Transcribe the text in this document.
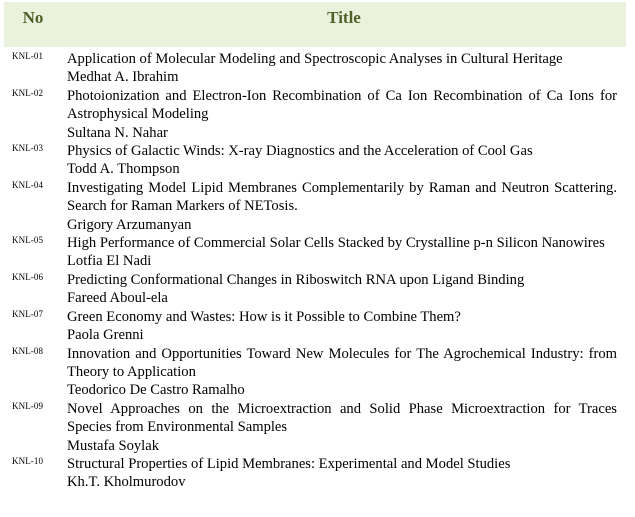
No	Title
KNL-01 Application of Molecular Modeling and Spectroscopic Analyses in Cultural Heritage
Medhat A. Ibrahim
KNL-02 Photoionization and Electron-Ion Recombination of Ca Ion Recombination of Ca Ions for Astrophysical Modeling
Sultana N. Nahar
KNL-03 Physics of Galactic Winds: X-ray Diagnostics and the Acceleration of Cool Gas
Todd A. Thompson
KNL-04 Investigating Model Lipid Membranes Complementarily by Raman and Neutron Scattering. Search for Raman Markers of NETosis.
Grigory Arzumanyan
KNL-05 High Performance of Commercial Solar Cells Stacked by Crystalline p-n Silicon Nanowires
Lotfia El Nadi
KNL-06 Predicting Conformational Changes in Riboswitch RNA upon Ligand Binding
Fareed Aboul-ela
KNL-07 Green Economy and Wastes: How is it Possible to Combine Them?
Paola Grenni
KNL-08 Innovation and Opportunities Toward New Molecules for The Agrochemical Industry: from Theory to Application
Teodorico De Castro Ramalho
KNL-09 Novel Approaches on the Microextraction and Solid Phase Microextraction for Traces Species from Environmental Samples
Mustafa Soylak
KNL-10 Structural Properties of Lipid Membranes: Experimental and Model Studies
Kh.T. Kholmurodov
